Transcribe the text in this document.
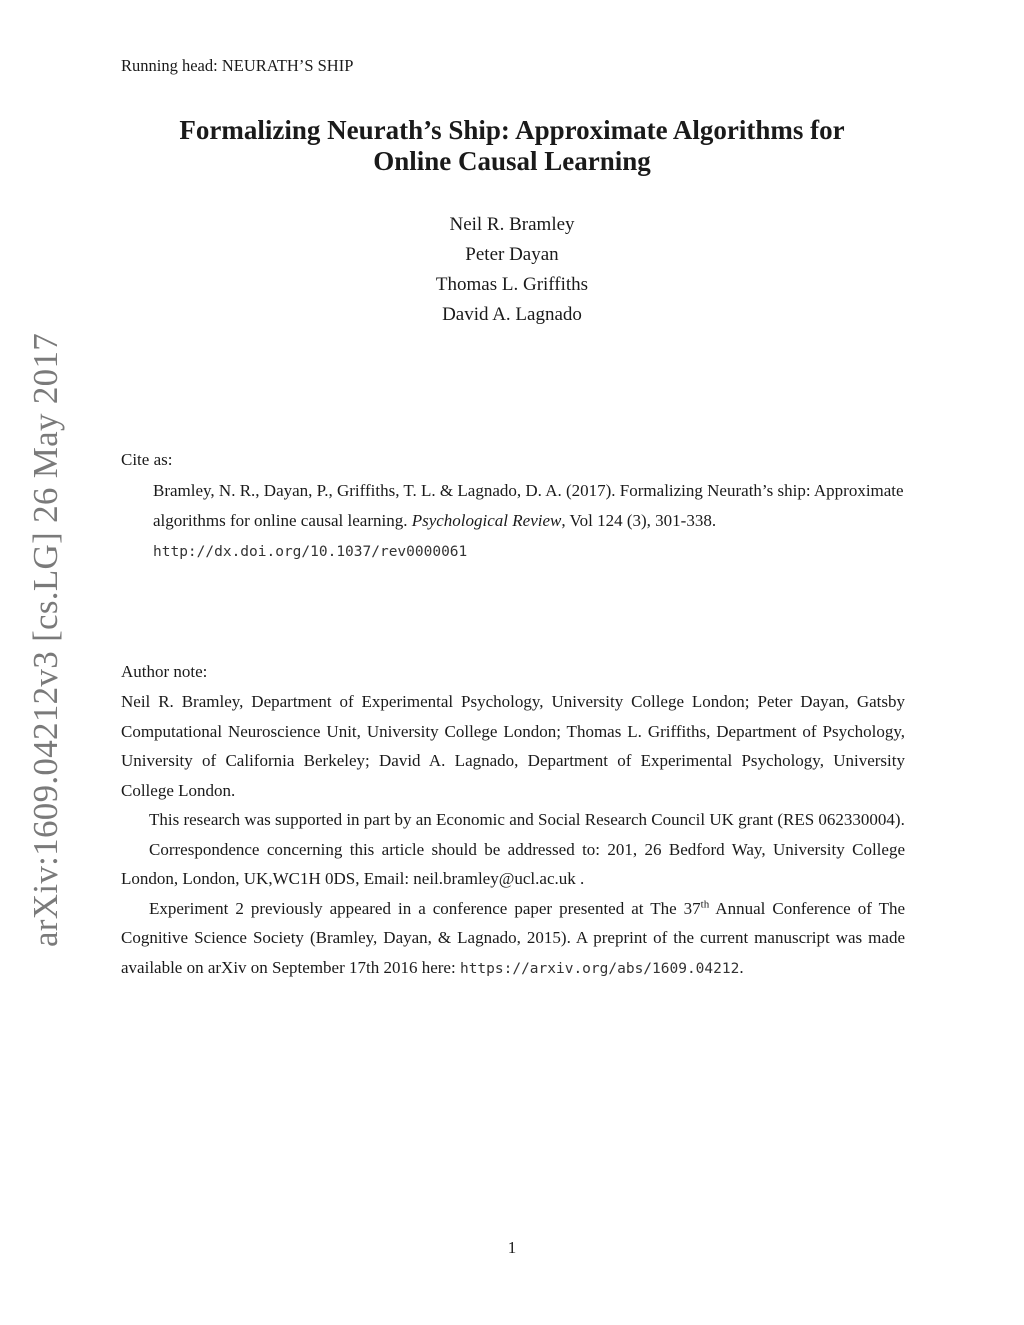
Running head: NEURATH’S SHIP
Formalizing Neurath’s Ship: Approximate Algorithms for
Online Causal Learning
Neil R. Bramley
Peter Dayan
Thomas L. Griffiths
David A. Lagnado
arXiv:1609.04212v3 [cs.LG] 26 May 2017	Cite as:
Bramley, N. R., Dayan, P., Griffiths, T. L. & Lagnado, D. A. (2017). Formalizing Neurath’s ship: Approximate algorithms for online causal learning. Psychological Review, Vol 124 (3), 301-338.
http://dx.doi.org/10.1037/rev0000061
Author note:

Neil R. Bramley, Department of Experimental Psychology, University College London; Peter Dayan, Gatsby Computational Neuroscience Unit, University College London; Thomas L. Griffiths, Department of Psychology, University of California Berkeley; David A. Lagnado, Department of Experimental Psychology, University College London.

This research was supported in part by an Economic and Social Research Council UK grant (RES 062330004).

Correspondence concerning this article should be addressed to: 201, 26 Bedford Way, University College London, London, UK,WC1H 0DS, Email: neil.bramley@ucl.ac.uk .

Experiment 2 previously appeared in a conference paper presented at The 37th Annual Conference of The Cognitive Science Society (Bramley, Dayan, & Lagnado, 2015). A preprint of the current manuscript was made available on arXiv on September 17th 2016 here: https://arxiv.org/abs/1609.04212.

1
